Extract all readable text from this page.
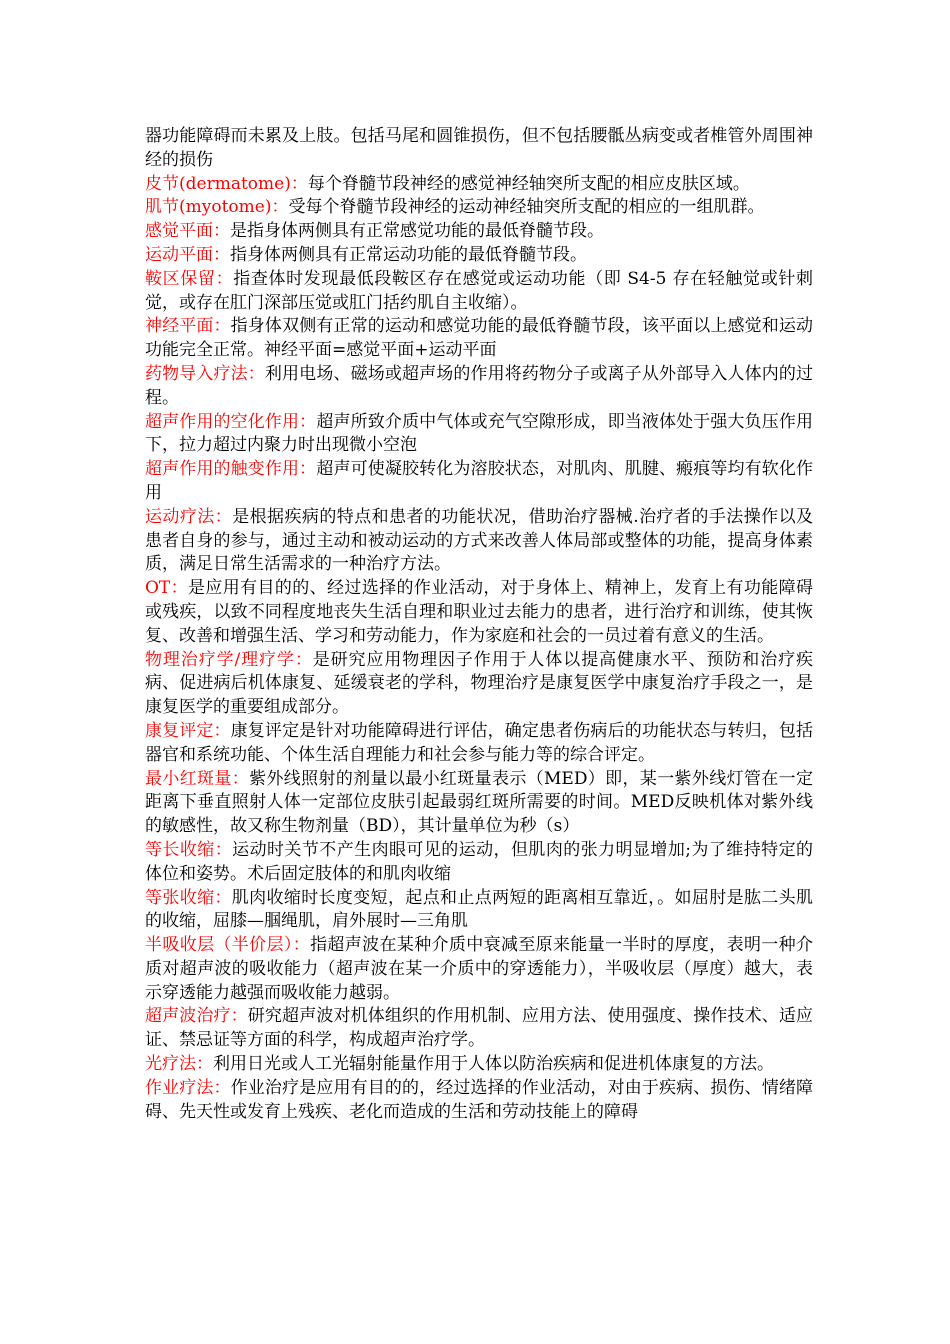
器功能障碍而未累及上肢。包括马尾和圆锥损伤，但不包括腰骶丛病变或者椎管外周围神经的损伤

皮节(dermatome)：每个脊髓节段神经的感觉神经轴突所支配的相应皮肤区域。

肌节(myotome)：受每个脊髓节段神经的运动神经轴突所支配的相应的一组肌群。

感觉平面：是指身体两侧具有正常感觉功能的最低脊髓节段。

运动平面：指身体两侧具有正常运动功能的最低脊髓节段。

鞍区保留：指查体时发现最低段鞍区存在感觉或运动功能（即 S4-5 存在轻触觉或针刺觉，或存在肛门深部压觉或肛门括约肌自主收缩）。

神经平面：指身体双侧有正常的运动和感觉功能的最低脊髓节段，该平面以上感觉和运动功能完全正常。神经平面=感觉平面+运动平面

药物导入疗法：利用电场、磁场或超声场的作用将药物分子或离子从外部导入人体内的过程。

超声作用的空化作用：超声所致介质中气体或充气空隙形成，即当液体处于强大负压作用下，拉力超过内聚力时出现微小空泡

超声作用的触变作用：超声可使凝胶转化为溶胶状态，对肌肉、肌腱、瘢痕等均有软化作用

运动疗法：是根据疾病的特点和患者的功能状况，借助治疗器械.治疗者的手法操作以及患者自身的参与，通过主动和被动运动的方式来改善人体局部或整体的功能，提高身体素质，满足日常生活需求的一种治疗方法。

OT：是应用有目的的、经过选择的作业活动，对于身体上、精神上，发育上有功能障碍或残疾，以致不同程度地丧失生活自理和职业过去能力的患者，进行治疗和训练，使其恢复、改善和增强生活、学习和劳动能力，作为家庭和社会的一员过着有意义的生活。

物理治疗学/理疗学：是研究应用物理因子作用于人体以提高健康水平、预防和治疗疾病、促进病后机体康复、延缓衰老的学科，物理治疗是康复医学中康复治疗手段之一，是康复医学的重要组成部分。

康复评定：康复评定是针对功能障碍进行评估，确定患者伤病后的功能状态与转归，包括器官和系统功能、个体生活自理能力和社会参与能力等的综合评定。

最小红斑量：紫外线照射的剂量以最小红斑量表示（MED）即，某一紫外线灯管在一定距离下垂直照射人体一定部位皮肤引起最弱红斑所需要的时间。MED反映机体对紫外线的敏感性，故又称生物剂量（BD），其计量单位为秒（s）

等长收缩：运动时关节不产生肉眼可见的运动，但肌肉的张力明显增加;为了维持特定的体位和姿势。术后固定肢体的和肌肉收缩

等张收缩：肌肉收缩时长度变短，起点和止点两短的距离相互靠近，。如屈肘是肱二头肌的收缩，屈膝—腘绳肌，肩外展时—三角肌

半吸收层（半价层）：指超声波在某种介质中衰减至原来能量一半时的厚度，表明一种介质对超声波的吸收能力（超声波在某一介质中的穿透能力），半吸收层（厚度）越大，表示穿透能力越强而吸收能力越弱。

超声波治疗：研究超声波对机体组织的作用机制、应用方法、使用强度、操作技术、适应证、禁忌证等方面的科学，构成超声治疗学。

光疗法：利用日光或人工光辐射能量作用于人体以防治疾病和促进机体康复的方法。

作业疗法：作业治疗是应用有目的的，经过选择的作业活动，对由于疾病、损伤、情绪障碍、先天性或发育上残疾、老化而造成的生活和劳动技能上的障碍
